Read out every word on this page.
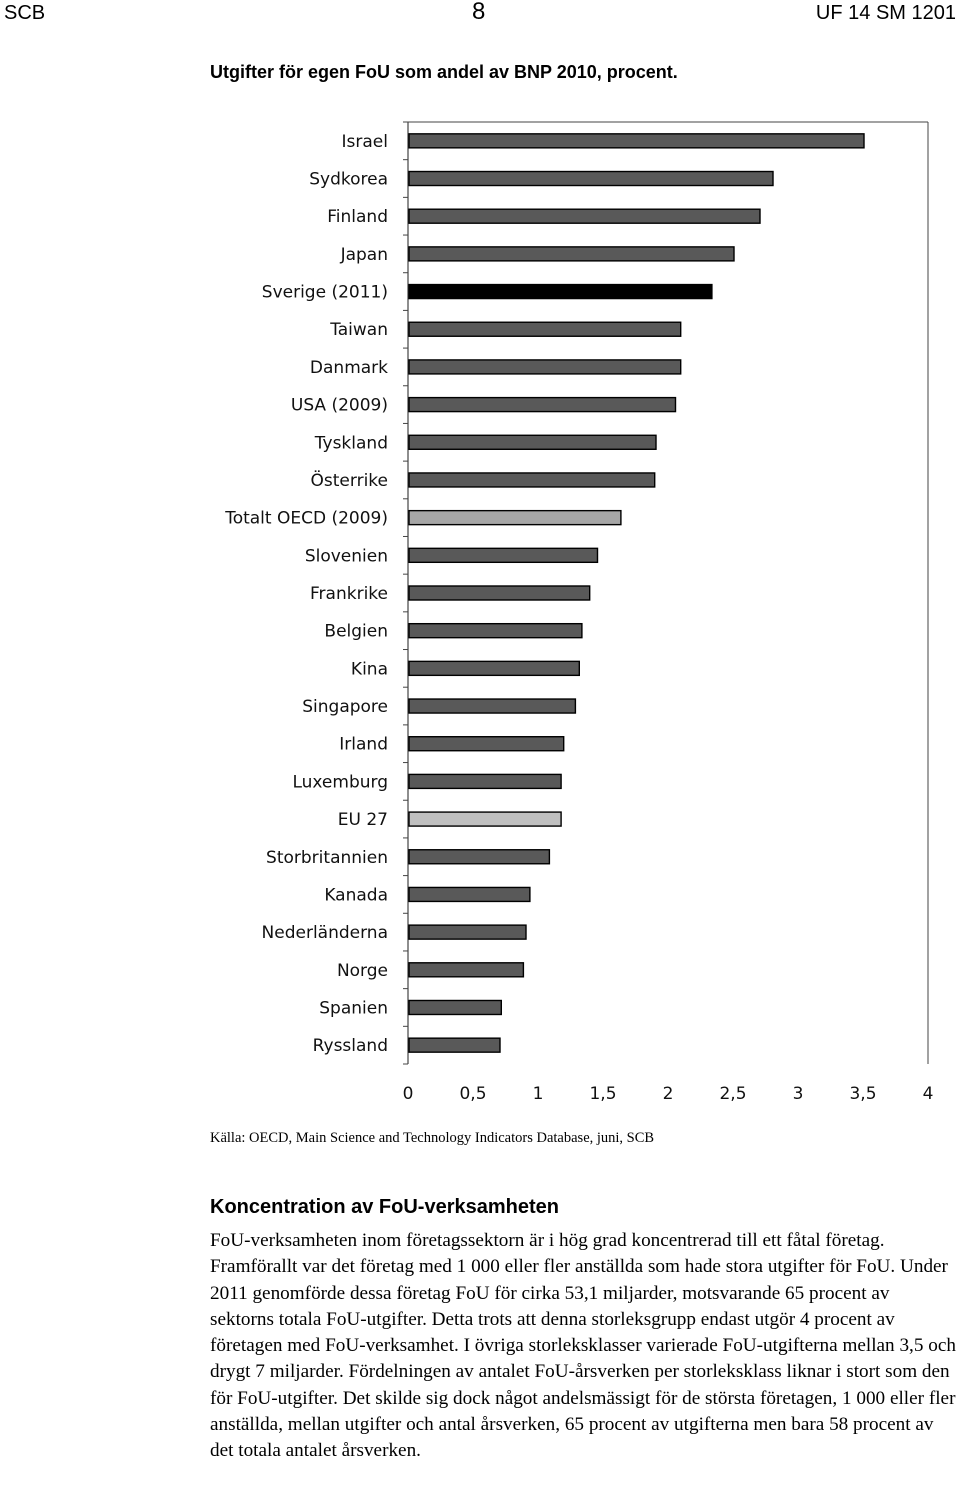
SCB	8	UF 14 SM 1201
Utgifter för egen FoU som andel av BNP 2010, procent.
Israel
Sydkorea
Finland
Japan
Sverige (2011)
Taiwan
Danmark
USA (2009)
Tyskland
Österrike
Totalt OECD (2009)
Slovenien
Frankrike
Belgien
Kina
Singapore
Irland
Luxemburg
EU 27
Storbritannien
Kanada
Nederländerna
Norge
Spanien
Ryssland
0	0,5	1	1,5	2	2,5	3	3,5	4
Källa: OECD, Main Science and Technology Indicators Database, juni, SCB
Koncentration av FoU-verksamheten

FoU-verksamheten inom företagssektorn är i hög grad koncentrerad till ett fåtal företag. Framförallt var det företag med 1 000 eller fler anställda som hade stora utgifter för FoU. Under 2011 genomförde dessa företag FoU för cirka 53,1 miljarder, motsvarande 65 procent av sektorns totala FoU-utgifter. Detta trots att denna storleksgrupp endast utgör 4 procent av företagen med FoU-verksamhet. I övriga storleksklasser varierade FoU-utgifterna mellan 3,5 och drygt 7 miljarder. Fördelningen av antalet FoU-årsverken per storleksklass liknar i stort som den för FoU-utgifter. Det skilde sig dock något andelsmässigt för de största företagen, 1 000 eller fler anställda, mellan utgifter och antal årsverken, 65 procent av utgifterna men bara 58 procent av det totala antalet årsverken.
